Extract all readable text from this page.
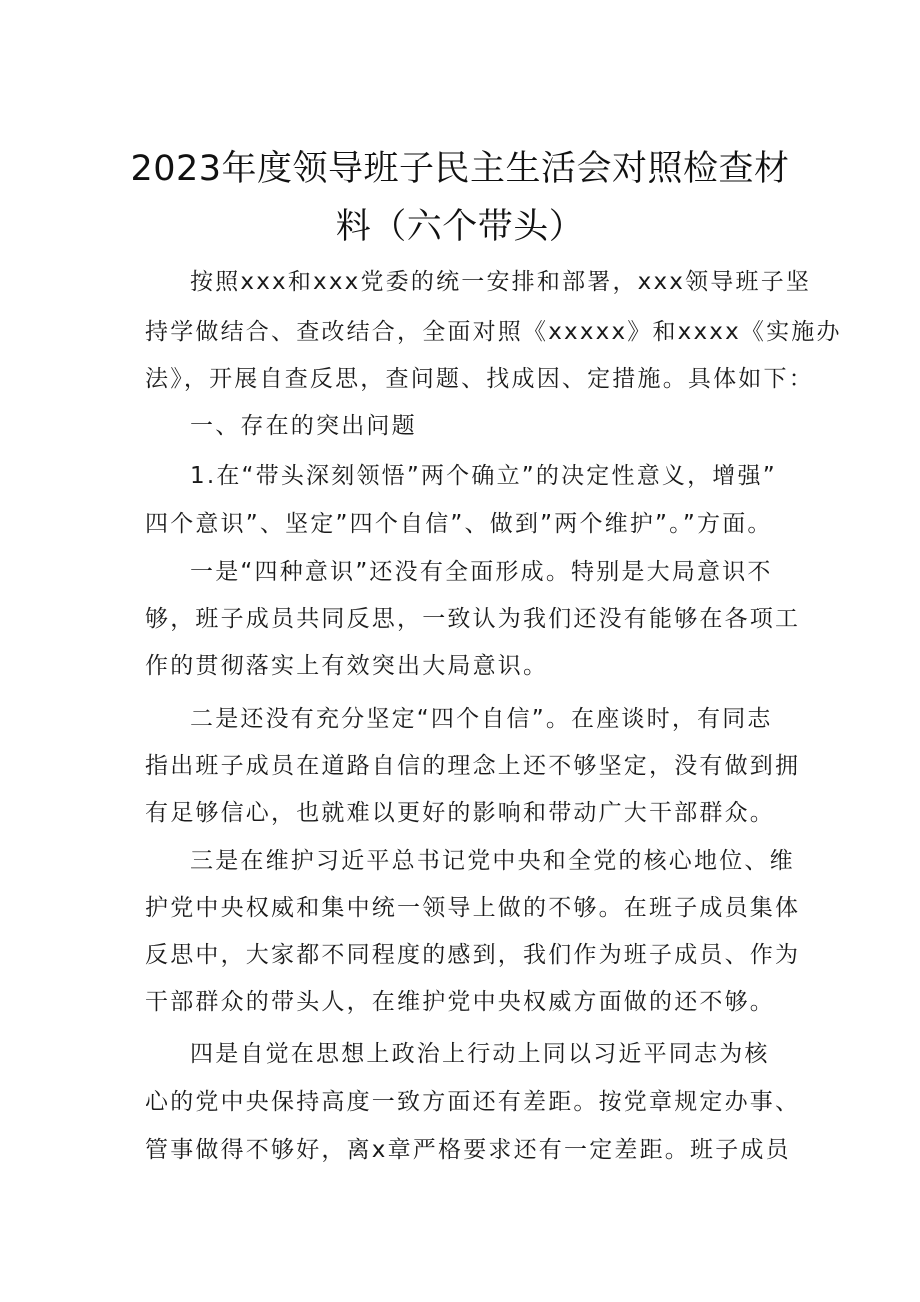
2023年度领导班子民主生活会对照检查材
料（六个带头）
按照xxx和xxx党委的统一安排和部署，xxx领导班子坚
持学做结合、查改结合，全面对照《xxxxx》和xxxx《实施办
法》，开展自查反思，查问题、找成因、定措施。具体如下：
一、存在的突出问题
1.在“带头深刻领悟”两个确立”的决定性意义，增强”
四个意识”、坚定”四个自信”、做到”两个维护”。”方面。
一是“四种意识”还没有全面形成。特别是大局意识不
够，班子成员共同反思，一致认为我们还没有能够在各项工
作的贯彻落实上有效突出大局意识。
二是还没有充分坚定“四个自信”。在座谈时，有同志
指出班子成员在道路自信的理念上还不够坚定，没有做到拥
有足够信心，也就难以更好的影响和带动广大干部群众。
三是在维护习近平总书记党中央和全党的核心地位、维
护党中央权威和集中统一领导上做的不够。在班子成员集体
反思中，大家都不同程度的感到，我们作为班子成员、作为
干部群众的带头人，在维护党中央权威方面做的还不够。
四是自觉在思想上政治上行动上同以习近平同志为核
心的党中央保持高度一致方面还有差距。按党章规定办事、
管事做得不够好，离x章严格要求还有一定差距。班子成员
